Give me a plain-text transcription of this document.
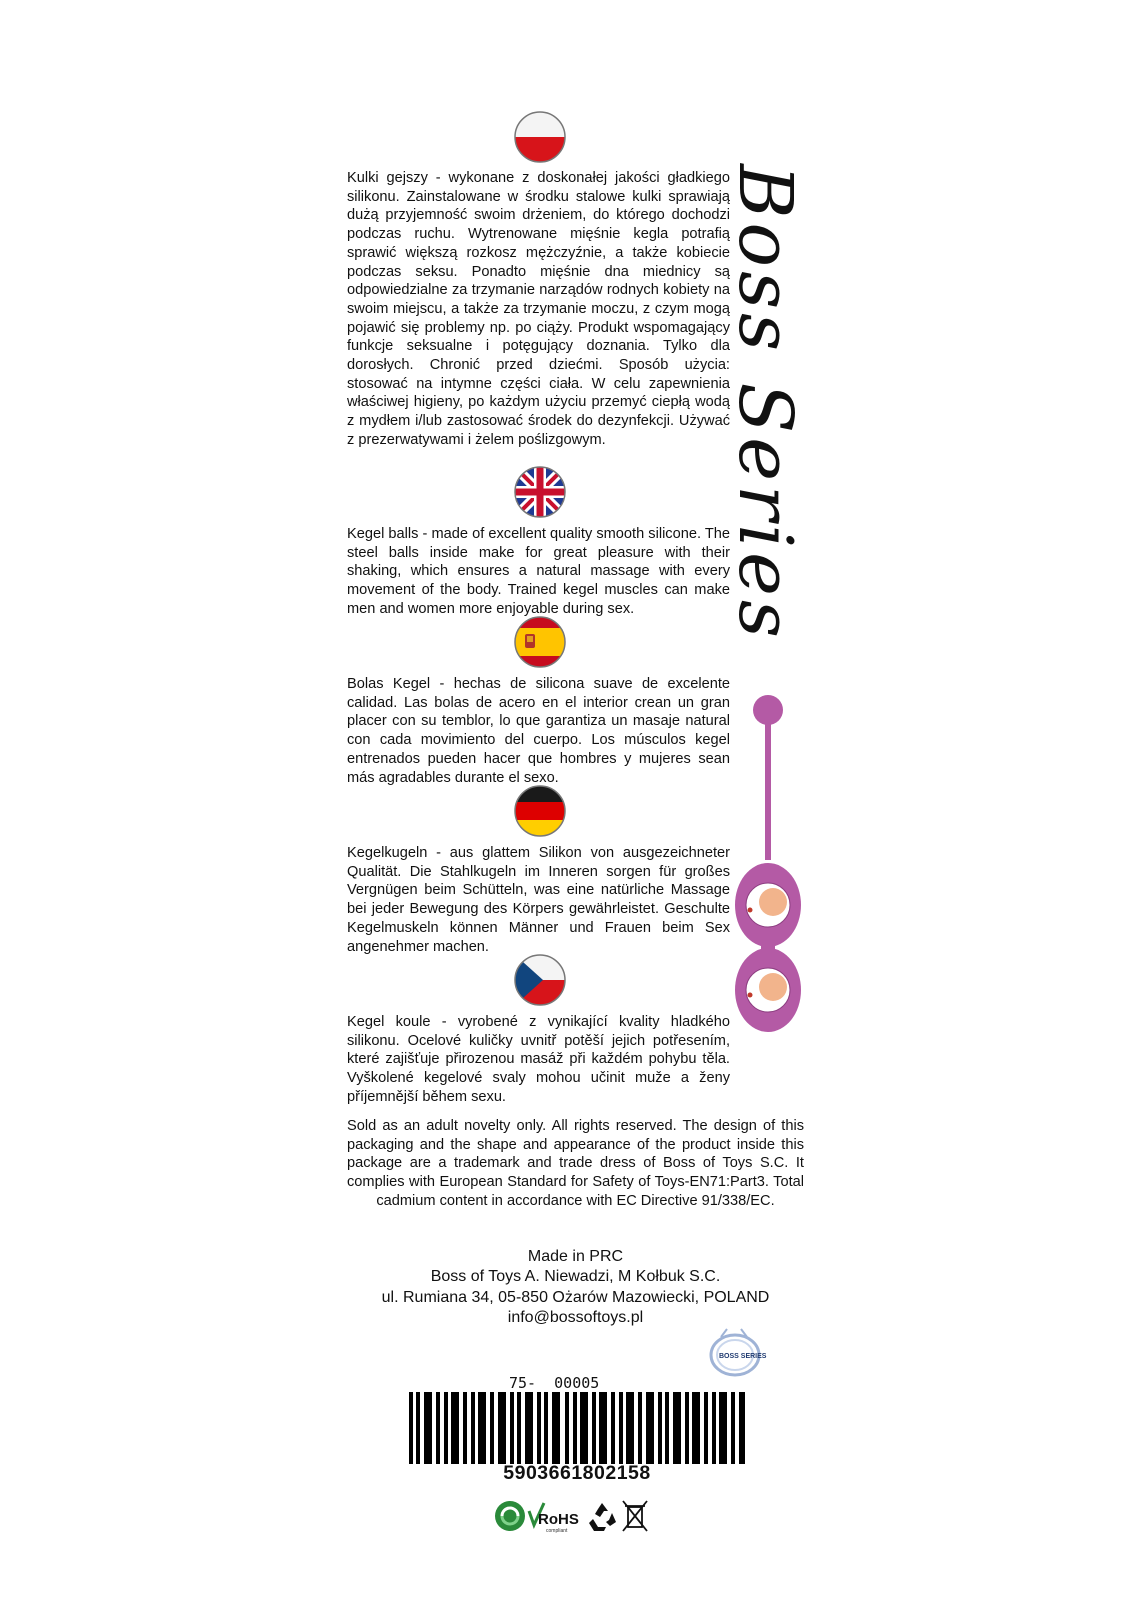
Kulki gejszy - wykonane z doskonałej jakości gładkiego silikonu. Zainstalowane w środku stalowe kulki sprawiają dużą przyjemność swoim drżeniem, do którego dochodzi podczas ruchu. Wytrenowane mięśnie kegla potrafią sprawić większą rozkosz mężczyźnie, a także kobiecie podczas seksu. Ponadto mięśnie dna miednicy są odpowiedzialne za trzymanie narządów rodnych kobiety na swoim miejscu, a także za trzymanie moczu, z czym mogą pojawić się problemy np. po ciąży. Produkt wspomagający funkcje seksualne i potęgujący doznania. Tylko dla dorosłych. Chronić przed dziećmi. Sposób użycia: stosować na intymne części ciała. W celu zapewnienia właściwej higieny, po każdym użyciu przemyć ciepłą wodą z mydłem i/lub zastosować środek do dezynfekcji. Używać z prezerwatywami i żelem poślizgowym.

Kegel balls - made of excellent quality smooth silicone. The steel balls inside make for great pleasure with their shaking, which ensures a natural massage with every movement of the body. Trained kegel muscles can make men and women more enjoyable during sex.

Bolas Kegel - hechas de silicona suave de excelente calidad. Las bolas de acero en el interior crean un gran placer con su temblor, lo que garantiza un masaje natural con cada movimiento del cuerpo. Los músculos kegel entrenados pueden hacer que hombres y mujeres sean más agradables durante el sexo.

Kegelkugeln - aus glattem Silikon von ausgezeichneter Qualität. Die Stahlkugeln im Inneren sorgen für großes Vergnügen beim Schütteln, was eine natürliche Massage bei jeder Bewegung des Körpers gewährleistet. Geschulte Kegelmuskeln können Männer und Frauen beim Sex angenehmer machen.

Kegel koule - vyrobené z vynikající kvality hladkého silikonu. Ocelové kuličky uvnitř potěší jejich potřesením, které zajišťuje přirozenou masáž při každém pohybu těla. Vyškolené kegelové svaly mohou učinit muže a ženy příjemnější během sexu.

Boss Series

Sold as an adult novelty only. All rights reserved. The design of this packaging and the shape and appearance of the product inside this package are a trademark and trade dress of Boss of Toys S.C. It complies with European Standard for Safety of Toys-EN71:Part3. Total cadmium content in accordance with EC Directive 91/338/EC.

Made in PRC
Boss of Toys A. Niewadzi, M Kołbuk S.C.
ul. Rumiana 34, 05-850 Ożarów Mazowiecki, POLAND
info@bossoftoys.pl
BOSS SERIES
75-  00005
5903661802158
RoHS
compliant
